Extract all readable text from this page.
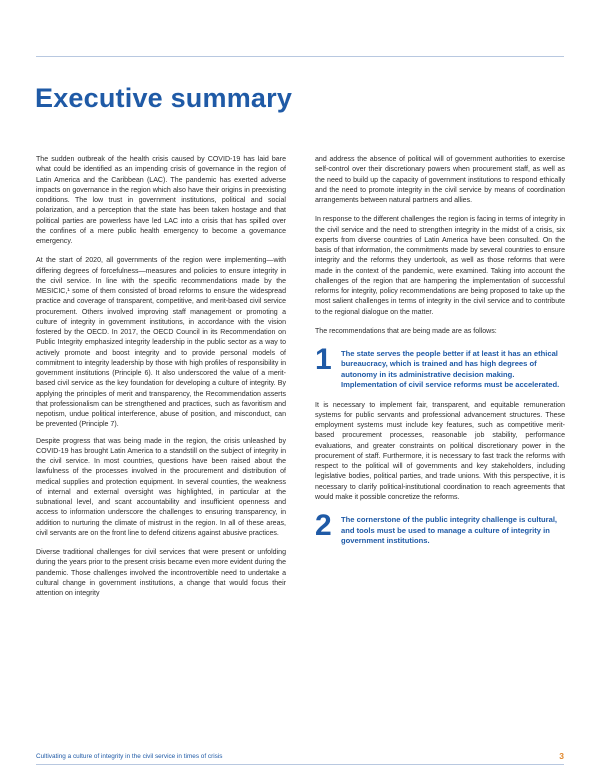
Executive summary

The sudden outbreak of the health crisis caused by COVID-19 has laid bare what could be identified as an impending crisis of governance in the region of Latin America and the Caribbean (LAC). The pandemic has exerted adverse impacts on governance in the region which also have their origins in preexisting conditions. The low trust in government institutions, political and social polarization, and a perception that the state has been taken hostage and that political parties are powerless have led LAC into a crisis that has spilled over the confines of a mere public health emergency to become a governance emergency.

At the start of 2020, all governments of the region were implementing—with differing degrees of forcefulness—measures and policies to ensure integrity in the civil service. In line with the specific recommendations made by the MESICIC,¹ some of them consisted of broad reforms to ensure the widespread practice and coverage of transparent, competitive, and merit-based civil service procurement. Others involved improving staff management or promoting a culture of integrity in government institutions, in accordance with the vision fostered by the OECD. In 2017, the OECD Council in its Recommendation on Public Integrity emphasized integrity leadership in the public sector as a way to actively promote and boost integrity and to provide personal models of commitment to integrity leadership by those with high profiles of responsibility in government institutions (Principle 6). It also underscored the value of a merit-based civil service as the key foundation for developing a culture of integrity. By applying the principles of merit and transparency, the Recommendation asserts that professionalism can be strengthened and practices, such as favoritism and nepotism, undue political interference, abuse of position, and misconduct, can be prevented (Principle 7).

Despite progress that was being made in the region, the crisis unleashed by COVID-19 has brought Latin America to a standstill on the subject of integrity in the civil service. In most countries, questions have been raised about the lawfulness of the processes involved in the procurement and distribution of medical supplies and protection equipment. In several counties, the weakness of internal and external oversight was highlighted, in particular at the subnational level, and scant accountability and insufficient openness and access to information underscore the challenges to ensuring transparency, in addition to nurturing the climate of mistrust in the region. In all of these areas, civil servants are on the front line to defend citizens against abusive practices.

Diverse traditional challenges for civil services that were present or unfolding during the years prior to the present crisis became even more evident during the pandemic. Those challenges involved the incontrovertible need to undertake a cultural change in government institutions, a change that would focus their attention on integrity

and address the absence of political will of government authorities to exercise self-control over their discretionary powers when procurement staff, as well as the need to build up the capacity of government institutions to respond ethically and the need to promote integrity in the civil service by means of coordination arrangements between natural partners and allies.

In response to the different challenges the region is facing in terms of integrity in the civil service and the need to strengthen integrity in the midst of a crisis, six experts from diverse countries of Latin America have been consulted. On the basis of that information, the commitments made by several countries to ensure integrity and the reforms they undertook, as well as those reforms that were made in the context of the pandemic, were examined. Taking into account the challenges of the region that are hampering the implementation of successful reforms for integrity, policy recommendations are being proposed to take up the most salient challenges in terms of integrity in the civil service and to contribute to the regional dialogue on the matter.

The recommendations that are being made are as follows:

1	The state serves the people better if at least it has an ethical bureaucracy, which is trained and has high degrees of autonomy in its administrative decision making. Implementation of civil service reforms must be accelerated.

It is necessary to implement fair, transparent, and equitable remuneration systems for public servants and professional advancement structures. These employment systems must include key features, such as competitive merit-based procurement processes, reasonable job stability, performance evaluations, and greater constraints on political discretionary power in the procurement of staff. Furthermore, it is necessary to fast track the reforms with respect to the political will of governments and key stakeholders, including legislative bodies, political parties, and trade unions. With this perspective, it is necessary to clarify political-institutional coordination to reach agreements that would make it possible concretize the reforms.

2	The cornerstone of the public integrity challenge is cultural, and tools must be used to manage a culture of integrity in government institutions.
Cultivating a culture of integrity in the civil service in times of crisis	3
